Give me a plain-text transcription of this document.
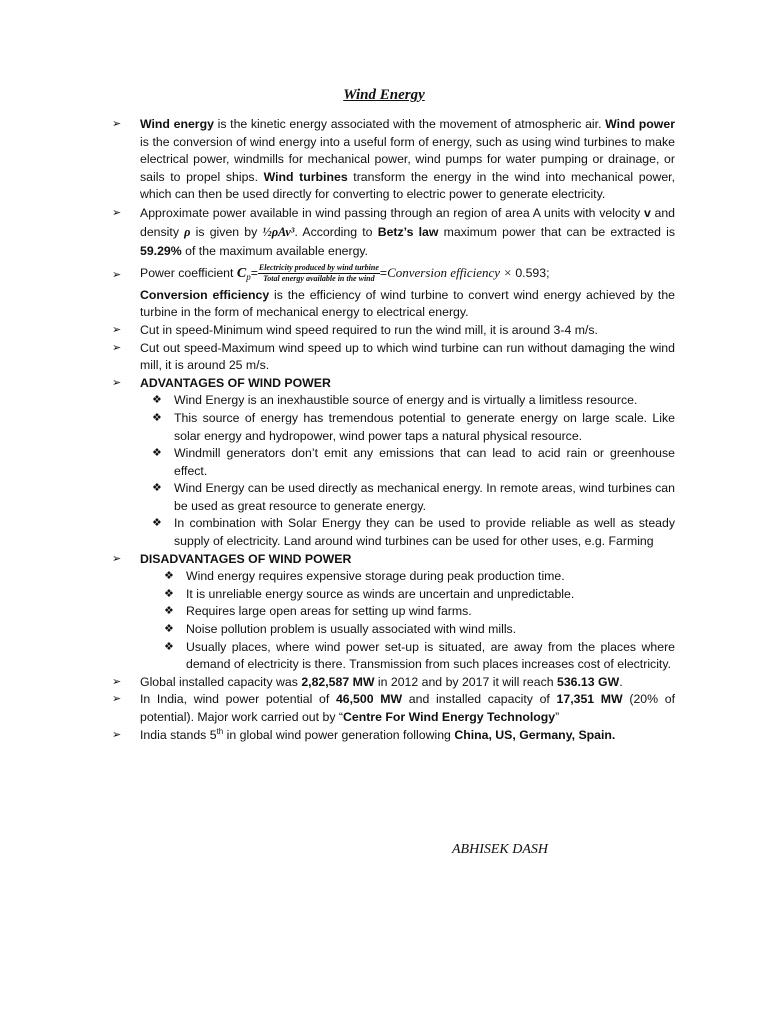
Wind Energy
➢ Wind energy is the kinetic energy associated with the movement of atmospheric air. Wind power is the conversion of wind energy into a useful form of energy, such as using wind turbines to make electrical power, windmills for mechanical power, wind pumps for water pumping or drainage, or sails to propel ships. Wind turbines transform the energy in the wind into mechanical power, which can then be used directly for converting to electric power to generate electricity.
➢ Approximate power available in wind passing through an region of area A units with velocity v and density ρ is given by ½ρAv³. According to Betz’s law maximum power that can be extracted is 59.29% of the maximum available energy.
➢ Power coefficient $C_p= \frac{\text{Electricity produced by wind turbine}}{\text{Total energy available in the wind}}$ =Conversion efficiency × 0.593;
Conversion efficiency is the efficiency of wind turbine to convert wind energy achieved by the turbine in the form of mechanical energy to electrical energy.
➢ Cut in speed-Minimum wind speed required to run the wind mill, it is around 3-4 m/s.
➢ Cut out speed-Maximum wind speed up to which wind turbine can run without damaging the wind mill, it is around 25 m/s.
➢ ADVANTAGES OF WIND POWER
❖ Wind Energy is an inexhaustible source of energy and is virtually a limitless resource.
❖ This source of energy has tremendous potential to generate energy on large scale. Like solar energy and hydropower, wind power taps a natural physical resource.
❖ Windmill generators don’t emit any emissions that can lead to acid rain or greenhouse effect.
❖ Wind Energy can be used directly as mechanical energy. In remote areas, wind turbines can be used as great resource to generate energy.
❖ In combination with Solar Energy they can be used to provide reliable as well as steady supply of electricity. Land around wind turbines can be used for other uses, e.g. Farming
➢ DISADVANTAGES OF WIND POWER
❖ Wind energy requires expensive storage during peak production time.
❖ It is unreliable energy source as winds are uncertain and unpredictable.
❖ Requires large open areas for setting up wind farms.
❖ Noise pollution problem is usually associated with wind mills.
❖ Usually places, where wind power set-up is situated, are away from the places where demand of electricity is there. Transmission from such places increases cost of electricity.
➢ Global installed capacity was 2,82,587 MW in 2012 and by 2017 it will reach 536.13 GW.
➢ In India, wind power potential of 46,500 MW and installed capacity of 17,351 MW (20% of potential). Major work carried out by “Centre For Wind Energy Technology”
➢ India stands 5th in global wind power generation following China, US, Germany, Spain.
ABHISEK DASH
